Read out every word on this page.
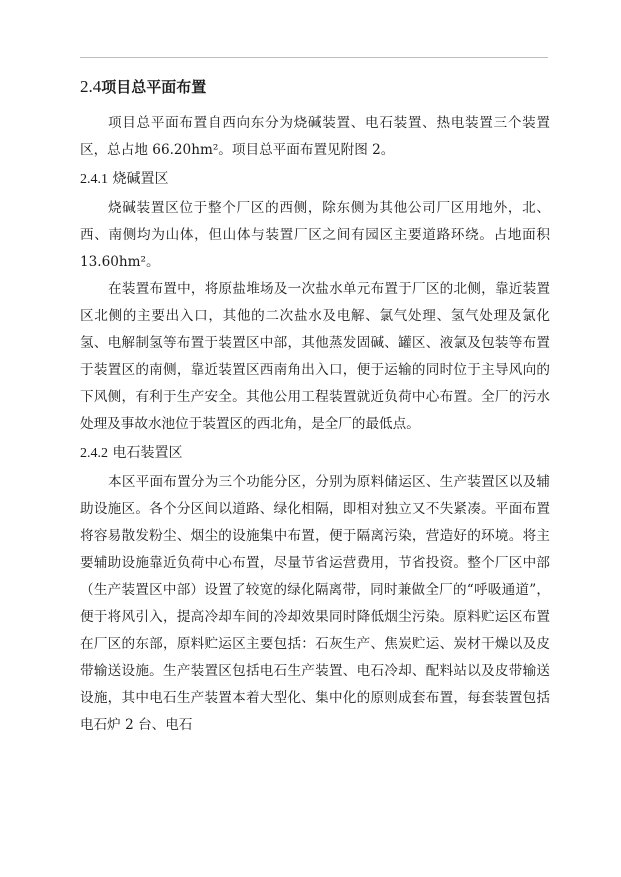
2.4项目总平面布置

项目总平面布置自西向东分为烧碱装置、电石装置、热电装置三个装置区，总占地 66.20hm²。项目总平面布置见附图 2。

2.4.1 烧碱置区

烧碱装置区位于整个厂区的西侧，除东侧为其他公司厂区用地外，北、西、南侧均为山体，但山体与装置厂区之间有园区主要道路环绕。占地面积 13.60hm²。

在装置布置中，将原盐堆场及一次盐水单元布置于厂区的北侧，靠近装置区北侧的主要出入口，其他的二次盐水及电解、氯气处理、氢气处理及氯化氢、电解制氢等布置于装置区中部，其他蒸发固碱、罐区、液氯及包装等布置于装置区的南侧，靠近装置区西南角出入口，便于运输的同时位于主导风向的下风侧，有利于生产安全。其他公用工程装置就近负荷中心布置。全厂的污水处理及事故水池位于装置区的西北角，是全厂的最低点。

2.4.2 电石装置区

本区平面布置分为三个功能分区，分别为原料储运区、生产装置区以及辅助设施区。各个分区间以道路、绿化相隔，即相对独立又不失紧凑。平面布置将容易散发粉尘、烟尘的设施集中布置，便于隔离污染，营造好的环境。将主要辅助设施靠近负荷中心布置，尽量节省运营费用，节省投资。整个厂区中部（生产装置区中部）设置了较宽的绿化隔离带，同时兼做全厂的“呼吸通道”，便于将风引入，提高冷却车间的冷却效果同时降低烟尘污染。原料贮运区布置在厂区的东部，原料贮运区主要包括：石灰生产、焦炭贮运、炭材干燥以及皮带输送设施。生产装置区包括电石生产装置、电石冷却、配料站以及皮带输送设施，其中电石生产装置本着大型化、集中化的原则成套布置，每套装置包括电石炉 2 台、电石
